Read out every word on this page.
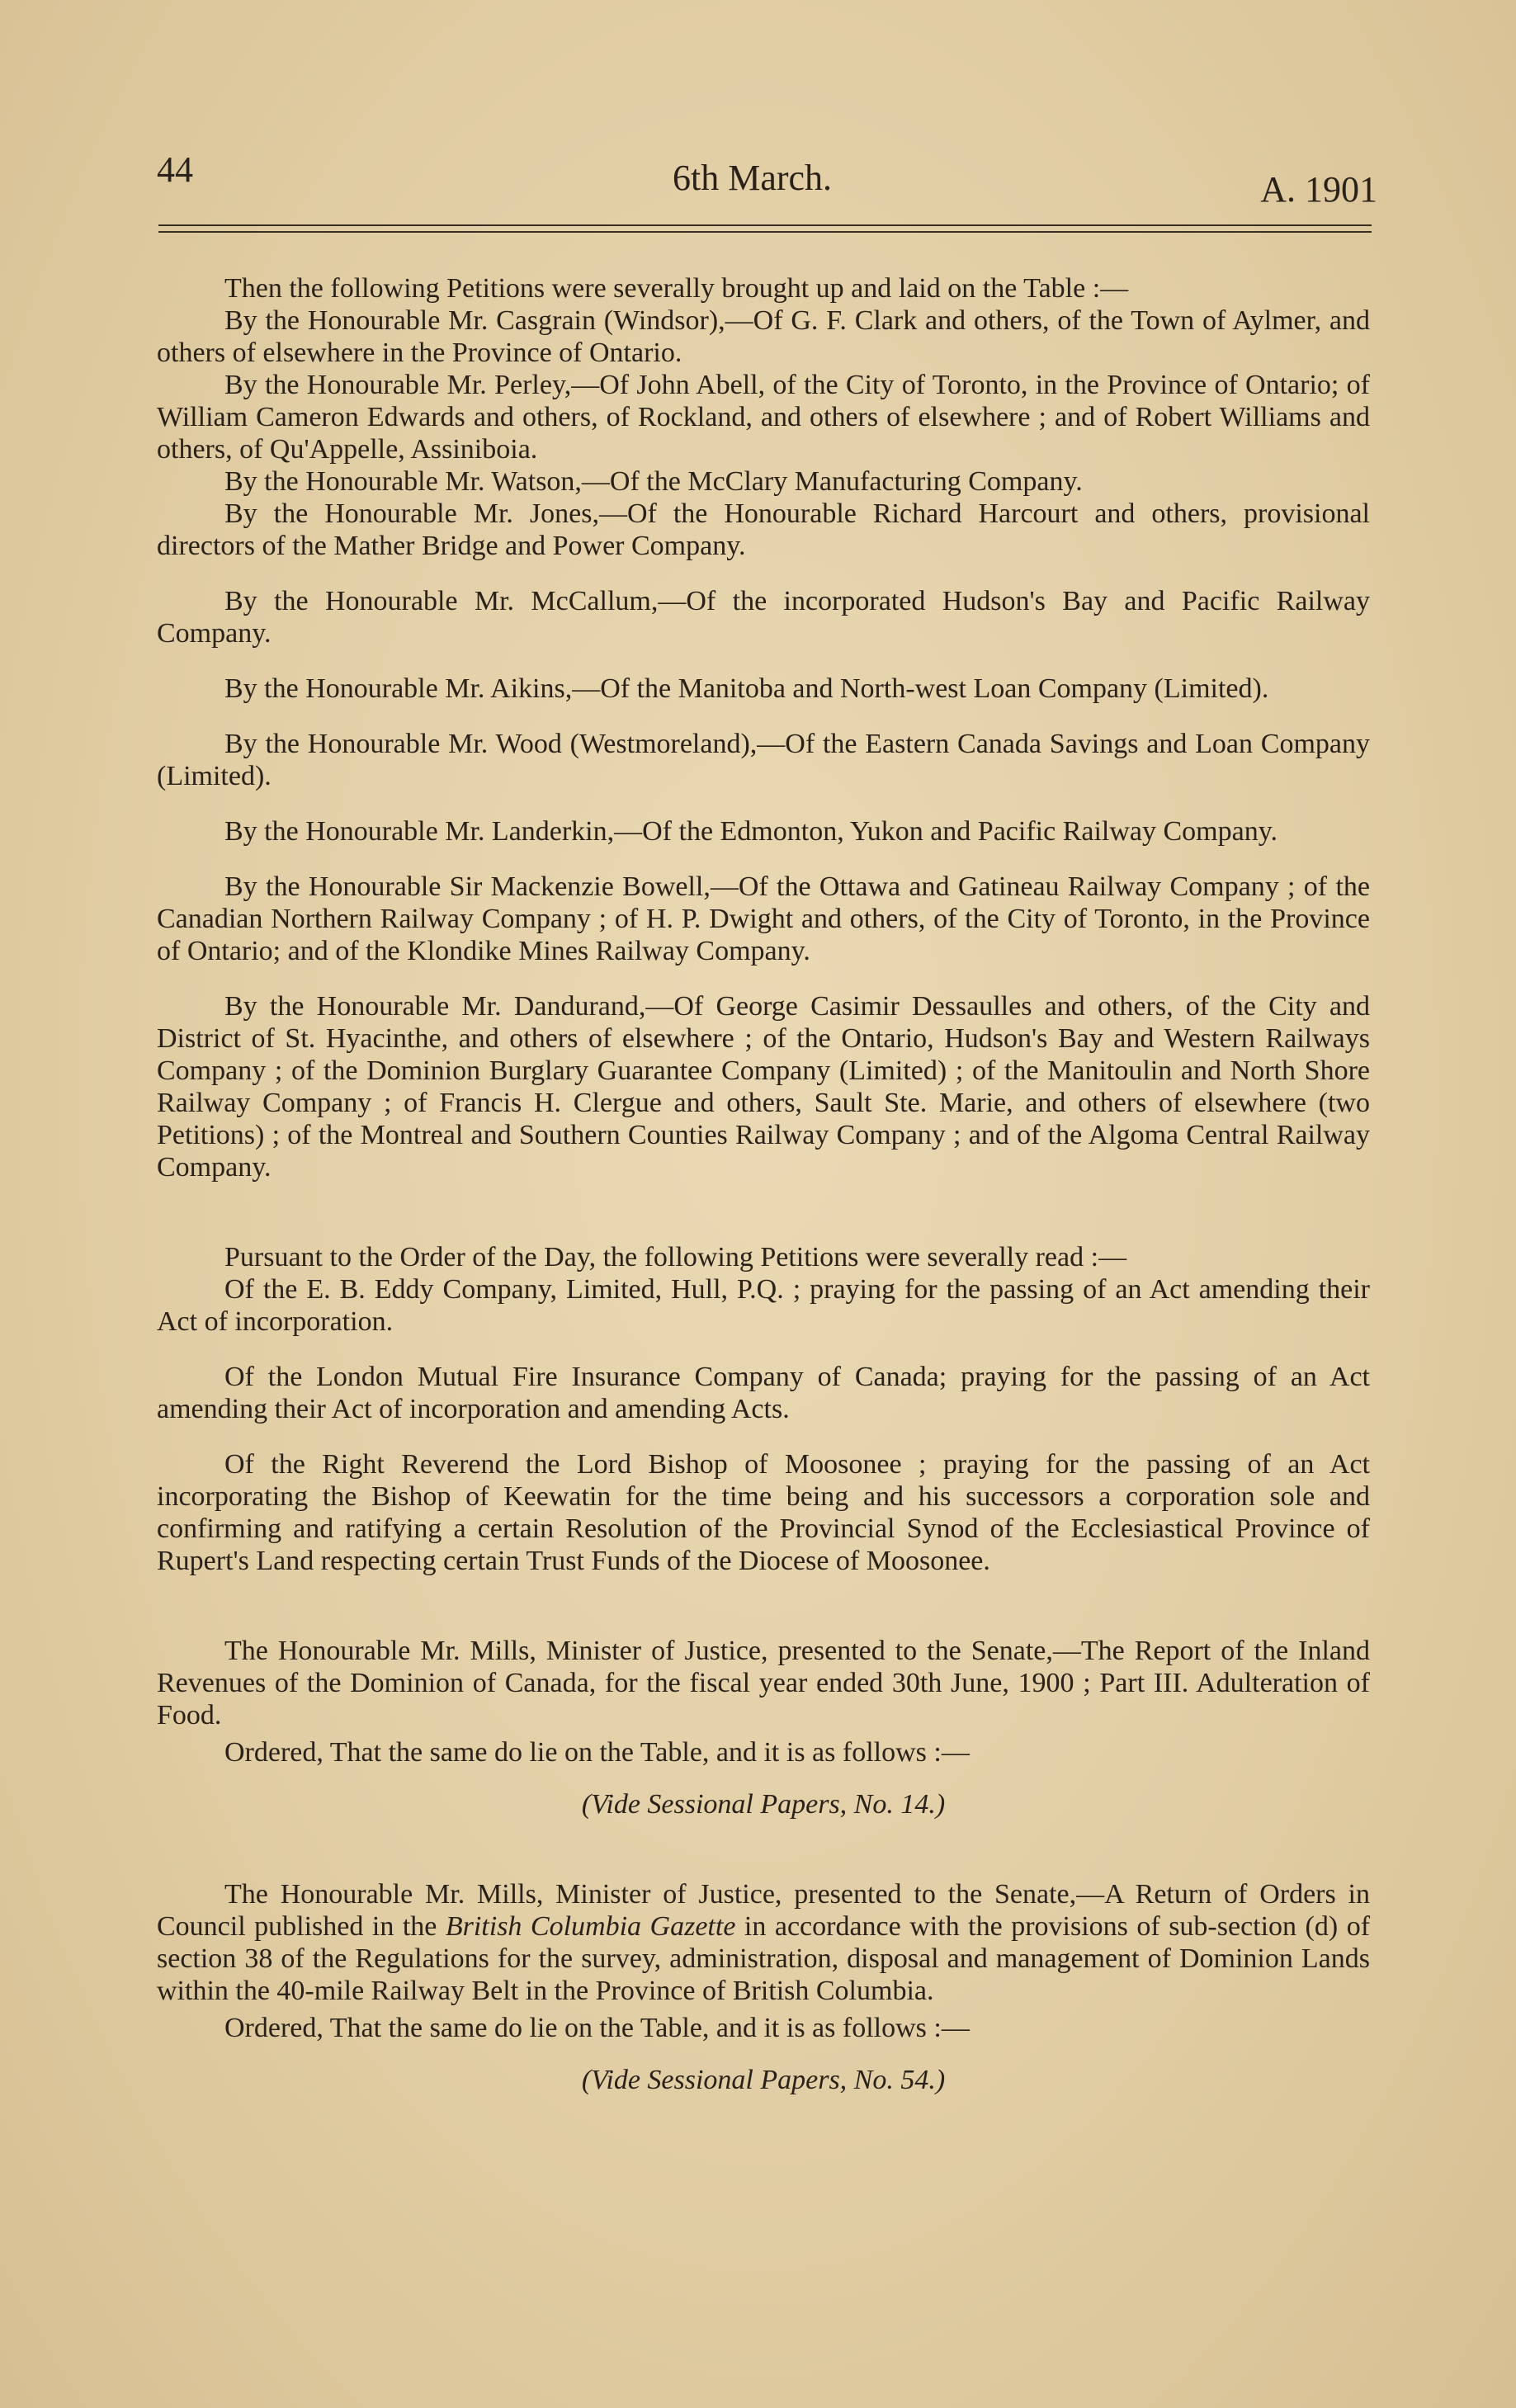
44	6th March.	A. 1901

Then the following Petitions were severally brought up and laid on the Table :—

By the Honourable Mr. Casgrain (Windsor),—Of G. F. Clark and others, of the Town of Aylmer, and others of elsewhere in the Province of Ontario.

By the Honourable Mr. Perley,—Of John Abell, of the City of Toronto, in the Province of Ontario; of William Cameron Edwards and others, of Rockland, and others of elsewhere ; and of Robert Williams and others, of Qu'Appelle, Assiniboia.

By the Honourable Mr. Watson,—Of the McClary Manufacturing Company.

By the Honourable Mr. Jones,—Of the Honourable Richard Harcourt and others, provisional directors of the Mather Bridge and Power Company.

By the Honourable Mr. McCallum,—Of the incorporated Hudson's Bay and Pacific Railway Company.

By the Honourable Mr. Aikins,—Of the Manitoba and North-west Loan Company (Limited).

By the Honourable Mr. Wood (Westmoreland),—Of the Eastern Canada Savings and Loan Company (Limited).

By the Honourable Mr. Landerkin,—Of the Edmonton, Yukon and Pacific Railway Company.

By the Honourable Sir Mackenzie Bowell,—Of the Ottawa and Gatineau Railway Company ; of the Canadian Northern Railway Company ; of H. P. Dwight and others, of the City of Toronto, in the Province of Ontario; and of the Klondike Mines Railway Company.

By the Honourable Mr. Dandurand,—Of George Casimir Dessaulles and others, of the City and District of St. Hyacinthe, and others of elsewhere ; of the Ontario, Hudson's Bay and Western Railways Company ; of the Dominion Burglary Guarantee Company (Limited) ; of the Manitoulin and North Shore Railway Company ; of Francis H. Clergue and others, Sault Ste. Marie, and others of elsewhere (two Petitions) ; of the Montreal and Southern Counties Railway Company ; and of the Algoma Central Railway Company.

Pursuant to the Order of the Day, the following Petitions were severally read :—

Of the E. B. Eddy Company, Limited, Hull, P.Q. ; praying for the passing of an Act amending their Act of incorporation.

Of the London Mutual Fire Insurance Company of Canada; praying for the passing of an Act amending their Act of incorporation and amending Acts.

Of the Right Reverend the Lord Bishop of Moosonee ; praying for the passing of an Act incorporating the Bishop of Keewatin for the time being and his successors a corporation sole and confirming and ratifying a certain Resolution of the Provincial Synod of the Ecclesiastical Province of Rupert's Land respecting certain Trust Funds of the Diocese of Moosonee.

The Honourable Mr. Mills, Minister of Justice, presented to the Senate,—The Report of the Inland Revenues of the Dominion of Canada, for the fiscal year ended 30th June, 1900 ; Part III. Adulteration of Food.

Ordered, That the same do lie on the Table, and it is as follows :—

(Vide Sessional Papers, No. 14.)

The Honourable Mr. Mills, Minister of Justice, presented to the Senate,—A Return of Orders in Council published in the British Columbia Gazette in accordance with the provisions of sub-section (d) of section 38 of the Regulations for the survey, administration, disposal and management of Dominion Lands within the 40-mile Railway Belt in the Province of British Columbia.

Ordered, That the same do lie on the Table, and it is as follows :—

(Vide Sessional Papers, No. 54.)
